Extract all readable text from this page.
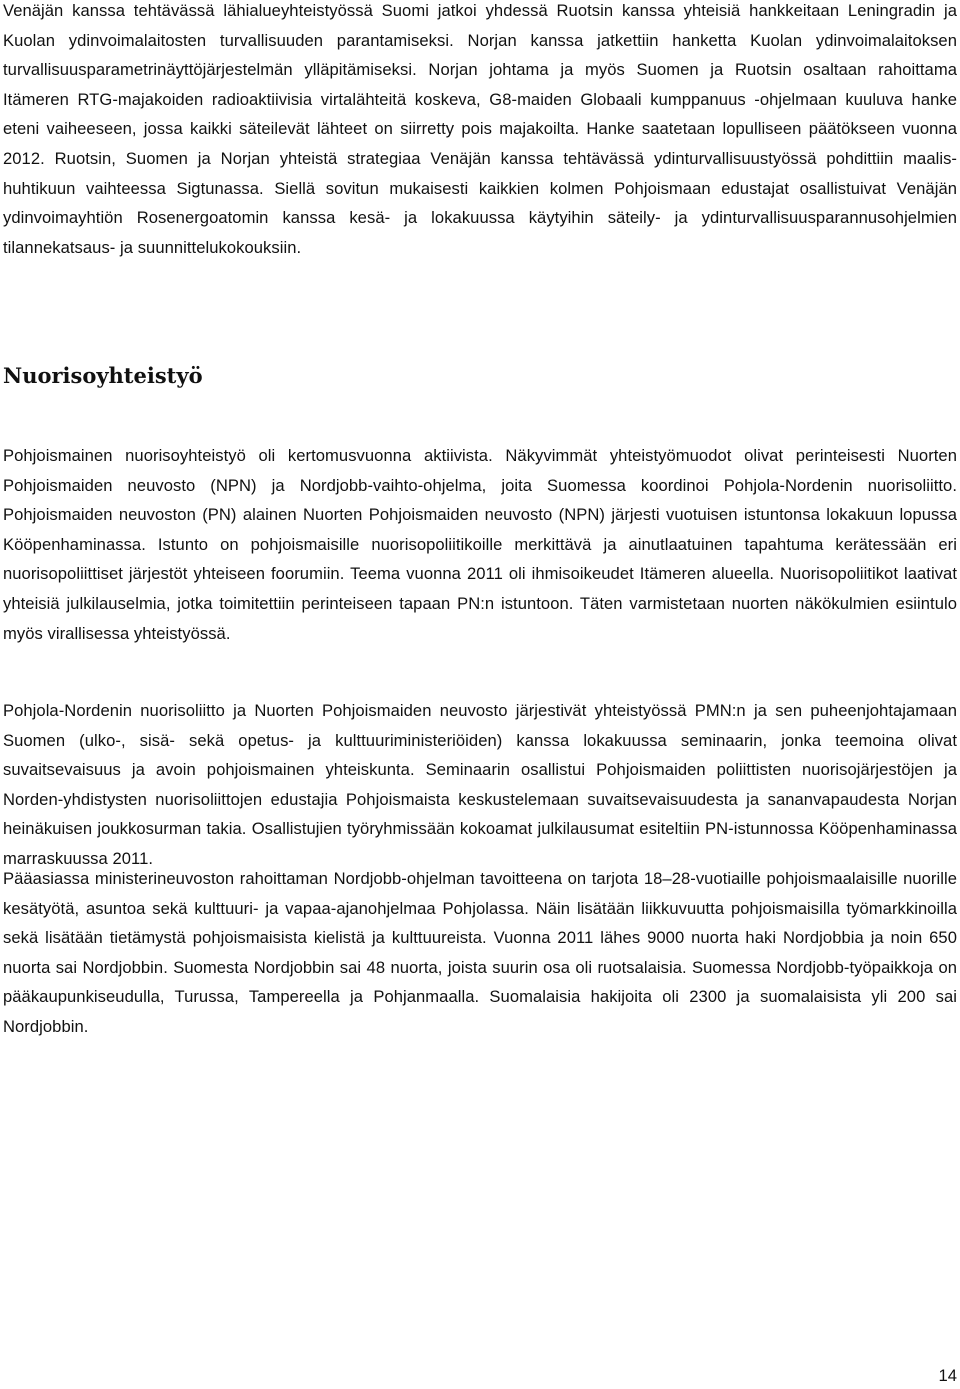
Venäjän kanssa tehtävässä lähialueyhteistyössä Suomi jatkoi yhdessä Ruotsin kanssa yhteisiä hankkeitaan Leningradin ja Kuolan ydinvoimalaitosten turvallisuuden parantamiseksi. Norjan kanssa jatkettiin hanketta Kuolan ydinvoimalaitoksen turvallisuusparametrinäyttöjärjestelmän ylläpitämiseksi. Norjan johtama ja myös Suomen ja Ruotsin osaltaan rahoittama Itämeren RTG-majakoiden radioaktiivisia virtalähteitä koskeva, G8-maiden Globaali kumppanuus -ohjelmaan kuuluva hanke eteni vaiheeseen, jossa kaikki säteilevät lähteet on siirretty pois majakoilta. Hanke saatetaan lopulliseen päätökseen vuonna 2012. Ruotsin, Suomen ja Norjan yhteistä strategiaa Venäjän kanssa tehtävässä ydinturvallisuustyössä pohdittiin maalis-huhtikuun vaihteessa Sigtunassa. Siellä sovitun mukaisesti kaikkien kolmen Pohjoismaan edustajat osallistuivat Venäjän ydinvoimayhtiön Rosenergoatomin kanssa kesä- ja lokakuussa käytyihin säteily- ja ydinturvallisuusparannusohjelmien tilannekatsaus- ja suunnittelukokouksiin.

Nuorisoyhteistyö

Pohjoismainen nuorisoyhteistyö oli kertomusvuonna aktiivista. Näkyvimmät yhteistyömuodot olivat perinteisesti Nuorten Pohjoismaiden neuvosto (NPN) ja Nordjobb-vaihto-ohjelma, joita Suomessa koordinoi Pohjola-Nordenin nuorisoliitto. Pohjoismaiden neuvoston (PN) alainen Nuorten Pohjoismaiden neuvosto (NPN) järjesti vuotuisen istuntonsa lokakuun lopussa Kööpenhaminassa. Istunto on pohjoismaisille nuorisopoliitikoille merkittävä ja ainutlaatuinen tapahtuma kerätessään eri nuorisopoliittiset järjestöt yhteiseen foorumiin. Teema vuonna 2011 oli ihmisoikeudet Itämeren alueella. Nuorisopoliitikot laativat yhteisiä julkilauselmia, jotka toimitettiin perinteiseen tapaan PN:n istuntoon. Täten varmistetaan nuorten näkökulmien esiintulo myös virallisessa yhteistyössä.

Pohjola-Nordenin nuorisoliitto ja Nuorten Pohjoismaiden neuvosto järjestivät yhteistyössä PMN:n ja sen puheenjohtajamaan Suomen (ulko-, sisä- sekä opetus- ja kulttuuriministeriöiden) kanssa lokakuussa seminaarin, jonka teemoina olivat suvaitsevaisuus ja avoin pohjoismainen yhteiskunta. Seminaarin osallistui Pohjoismaiden poliittisten nuorisojärjestöjen ja Norden-yhdistysten nuorisoliittojen edustajia Pohjoismaista keskustelemaan suvaitsevaisuudesta ja sananvapaudesta Norjan heinäkuisen joukkosurman takia. Osallistujien työryhmissään kokoamat julkilausumat esiteltiin PN-istunnossa Kööpenhaminassa marraskuussa 2011.

Pääasiassa ministerineuvoston rahoittaman Nordjobb-ohjelman tavoitteena on tarjota 18–28-vuotiaille pohjoismaalaisille nuorille kesätyötä, asuntoa sekä kulttuuri- ja vapaa-ajanohjelmaa Pohjolassa. Näin lisätään liikkuvuutta pohjoismaisilla työmarkkinoilla sekä lisätään tietämystä pohjoismaisista kielistä ja kulttuureista. Vuonna 2011 lähes 9000 nuorta haki Nordjobbia ja noin 650 nuorta sai Nordjobbin. Suomesta Nordjobbin sai 48 nuorta, joista suurin osa oli ruotsalaisia. Suomessa Nordjobb-työpaikkoja on pääkaupunkiseudulla, Turussa, Tampereella ja Pohjanmaalla. Suomalaisia hakijoita oli 2300 ja suomalaisista yli 200 sai Nordjobbin.

14
